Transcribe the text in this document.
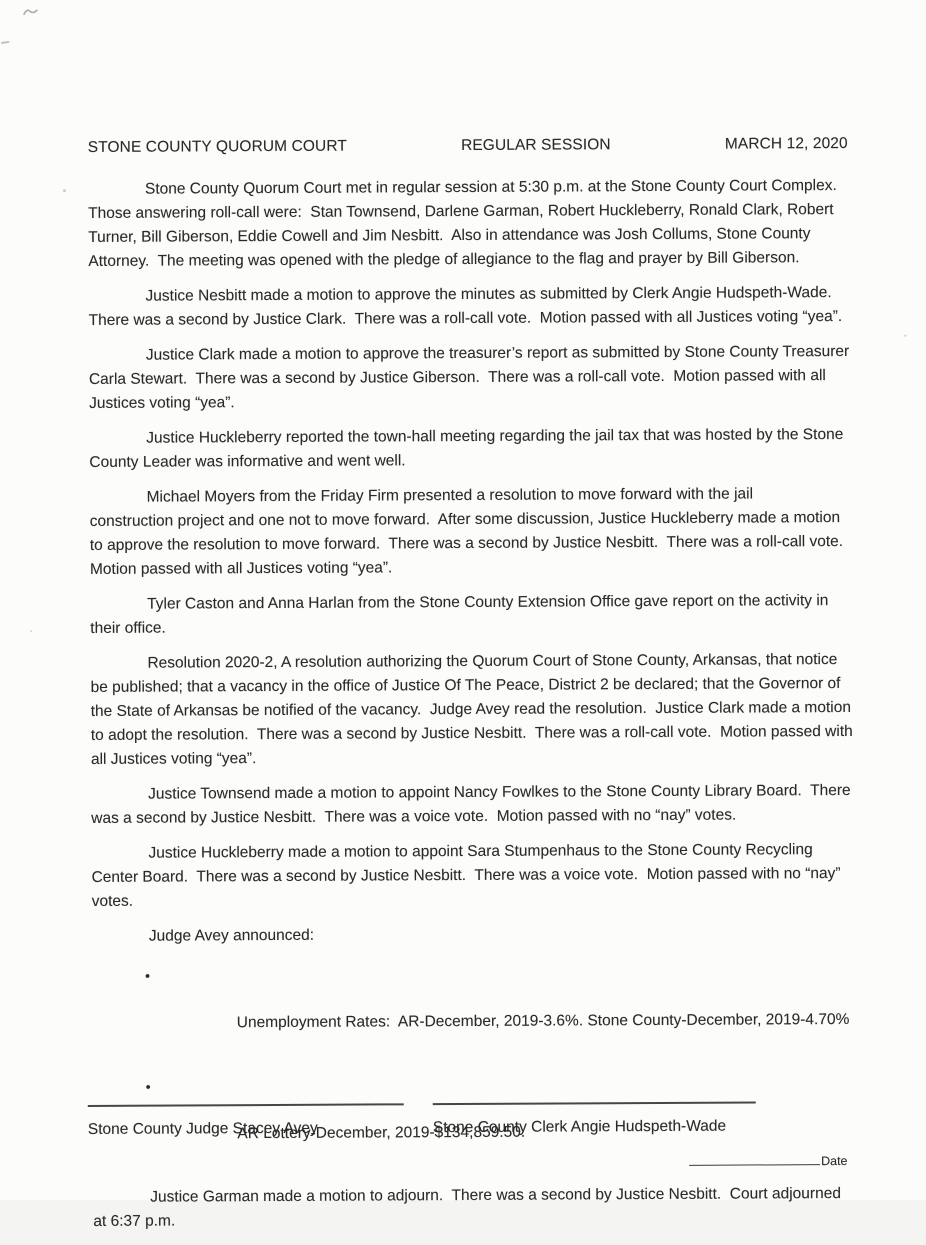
STONE COUNTY QUORUM COURT	REGULAR SESSION	MARCH 12, 2020

Stone County Quorum Court met in regular session at 5:30 p.m. at the Stone County Court Complex.
Those answering roll-call were:  Stan Townsend, Darlene Garman, Robert Huckleberry, Ronald Clark, Robert
Turner, Bill Giberson, Eddie Cowell and Jim Nesbitt.  Also in attendance was Josh Collums, Stone County
Attorney.  The meeting was opened with the pledge of allegiance to the flag and prayer by Bill Giberson.

Justice Nesbitt made a motion to approve the minutes as submitted by Clerk Angie Hudspeth-Wade.
There was a second by Justice Clark.  There was a roll-call vote.  Motion passed with all Justices voting “yea”.

Justice Clark made a motion to approve the treasurer’s report as submitted by Stone County Treasurer
Carla Stewart.  There was a second by Justice Giberson.  There was a roll-call vote.  Motion passed with all
Justices voting “yea”.

Justice Huckleberry reported the town-hall meeting regarding the jail tax that was hosted by the Stone
County Leader was informative and went well.

Michael Moyers from the Friday Firm presented a resolution to move forward with the jail
construction project and one not to move forward.  After some discussion, Justice Huckleberry made a motion
to approve the resolution to move forward.  There was a second by Justice Nesbitt.  There was a roll-call vote.
Motion passed with all Justices voting “yea”.

Tyler Caston and Anna Harlan from the Stone County Extension Office gave report on the activity in
their office.

Resolution 2020-2, A resolution authorizing the Quorum Court of Stone County, Arkansas, that notice
be published; that a vacancy in the office of Justice Of The Peace, District 2 be declared; that the Governor of
the State of Arkansas be notified of the vacancy.  Judge Avey read the resolution.  Justice Clark made a motion
to adopt the resolution.  There was a second by Justice Nesbitt.  There was a roll-call vote.  Motion passed with
all Justices voting “yea”.

Justice Townsend made a motion to appoint Nancy Fowlkes to the Stone County Library Board.  There
was a second by Justice Nesbitt.  There was a voice vote.  Motion passed with no “nay” votes.

Justice Huckleberry made a motion to appoint Sara Stumpenhaus to the Stone County Recycling
Center Board.  There was a second by Justice Nesbitt.  There was a voice vote.  Motion passed with no “nay”
votes.

Judge Avey announced:

•

Unemployment Rates:  AR-December, 2019-3.6%. Stone County-December, 2019-4.70%

•

AR Lottery-December, 2019-$134,859.50.

Justice Garman made a motion to adjourn.  There was a second by Justice Nesbitt.  Court adjourned
at 6:37 p.m.

Stone County Judge Stacey Avey	Stone County Clerk Angie Hudspeth-Wade
Date
